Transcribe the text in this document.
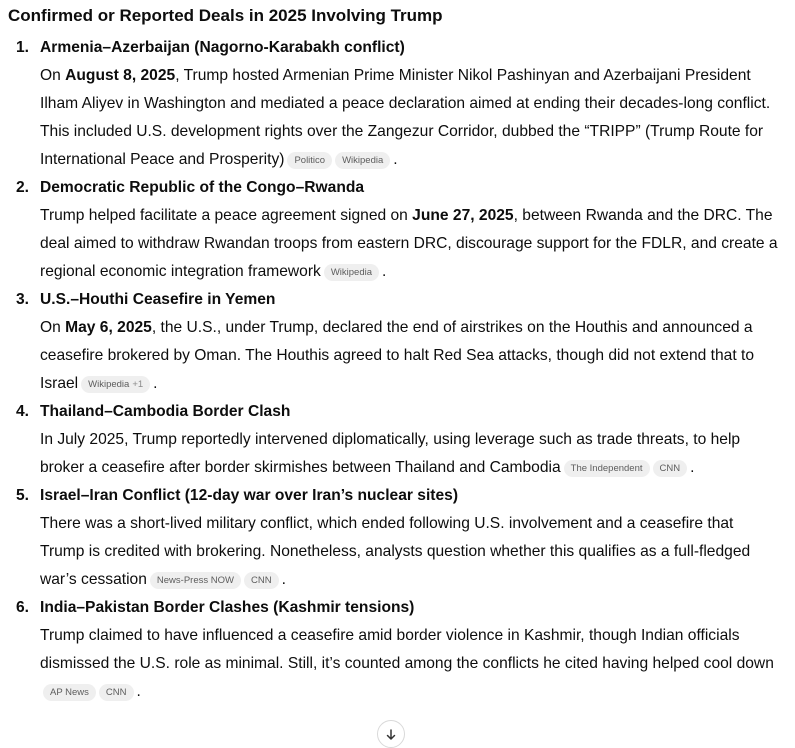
Confirmed or Reported Deals in 2025 Involving Trump
1. Armenia–Azerbaijan (Nagorno-Karabakh conflict)
On August 8, 2025, Trump hosted Armenian Prime Minister Nikol Pashinyan and Azerbaijani President Ilham Aliyev in Washington and mediated a peace declaration aimed at ending their decades-long conflict. This included U.S. development rights over the Zangezur Corridor, dubbed the “TRIPP” (Trump Route for International Peace and Prosperity) Politico Wikipedia .
2. Democratic Republic of the Congo–Rwanda
Trump helped facilitate a peace agreement signed on June 27, 2025, between Rwanda and the DRC. The deal aimed to withdraw Rwandan troops from eastern DRC, discourage support for the FDLR, and create a regional economic integration framework Wikipedia .
3. U.S.–Houthi Ceasefire in Yemen
On May 6, 2025, the U.S., under Trump, declared the end of airstrikes on the Houthis and announced a ceasefire brokered by Oman. The Houthis agreed to halt Red Sea attacks, though did not extend that to Israel Wikipedia +1 .
4. Thailand–Cambodia Border Clash
In July 2025, Trump reportedly intervened diplomatically, using leverage such as trade threats, to help broker a ceasefire after border skirmishes between Thailand and Cambodia The Independent CNN .
5. Israel–Iran Conflict (12-day war over Iran’s nuclear sites)
There was a short-lived military conflict, which ended following U.S. involvement and a ceasefire that Trump is credited with brokering. Nonetheless, analysts question whether this qualifies as a full-fledged war’s cessation News-Press NOW CNN .
6. India–Pakistan Border Clashes (Kashmir tensions)
Trump claimed to have influenced a ceasefire amid border violence in Kashmir, though Indian officials dismissed the U.S. role as minimal. Still, it’s counted among the conflicts he cited having helped cool downAP News CNN .
